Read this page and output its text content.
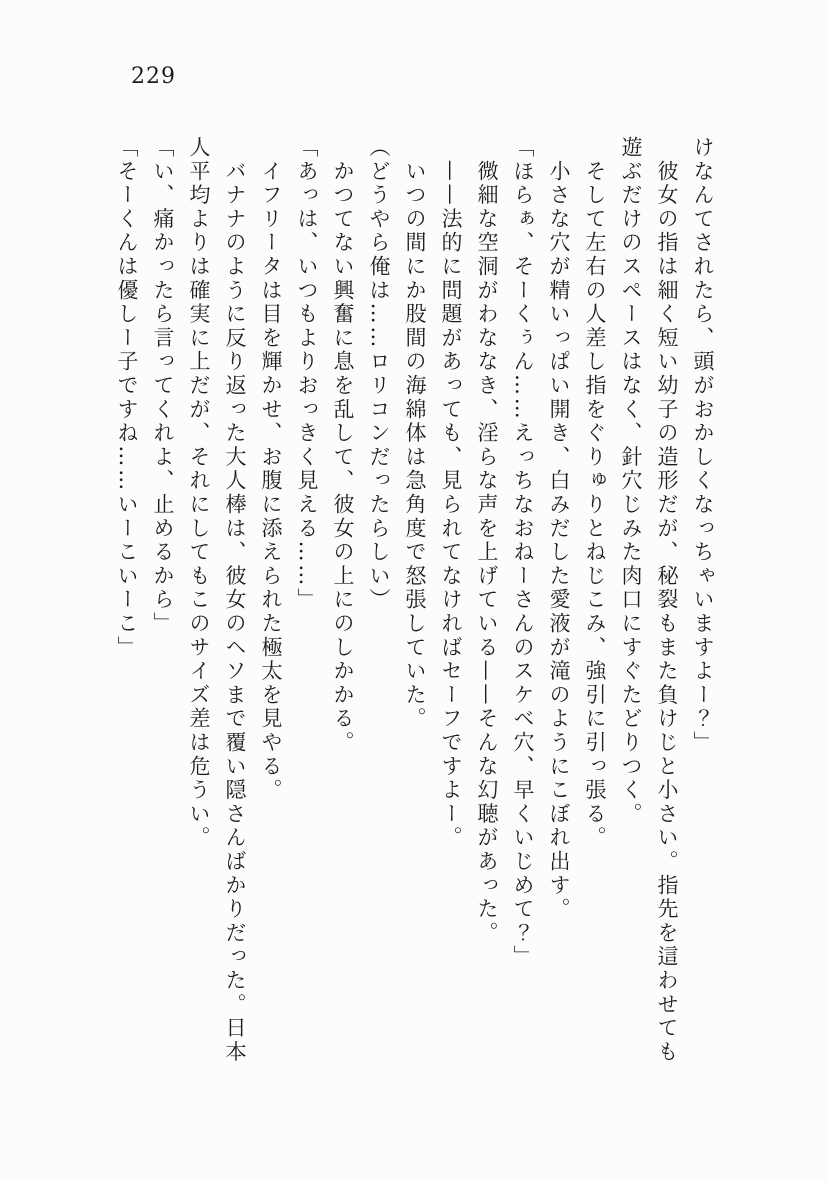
229

けなんてされたら、頭がおかしくなっちゃいますよー？」

　彼女の指は細く短い幼子の造形だが、秘裂もまた負けじと小さい。指先を這わせても遊ぶだけのスペースはなく、針穴じみた肉口にすぐたどりつく。

　そして左右の人差し指をぐりゅりとねじこみ、強引に引っ張る。

　小さな穴が精いっぱい開き、白みだした愛液が滝のようにこぼれ出す。

「ほらぁ、そーくぅん……えっちなおねーさんのスケベ穴、早くいじめて？」

　微細な空洞がわななき、淫らな声を上げている——そんな幻聴があった。

　——法的に問題があっても、見られてなければセーフですよー。

　いつの間にか股間の海綿体は急角度で怒張していた。

（どうやら俺は……ロリコンだったらしい）

　かつてない興奮に息を乱して、彼女の上にのしかかる。

「あっは、いつもよりおっきく見える……」

　イフリータは目を輝かせ、お腹に添えられた極太を見やる。

　バナナのように反り返った大人棒は、彼女のヘソまで覆い隠さんばかりだった。日本人平均よりは確実に上だが、それにしてもこのサイズ差は危うい。

「い、痛かったら言ってくれよ、止めるから」

「そーくんは優しー子ですね……いーこいーこ」
